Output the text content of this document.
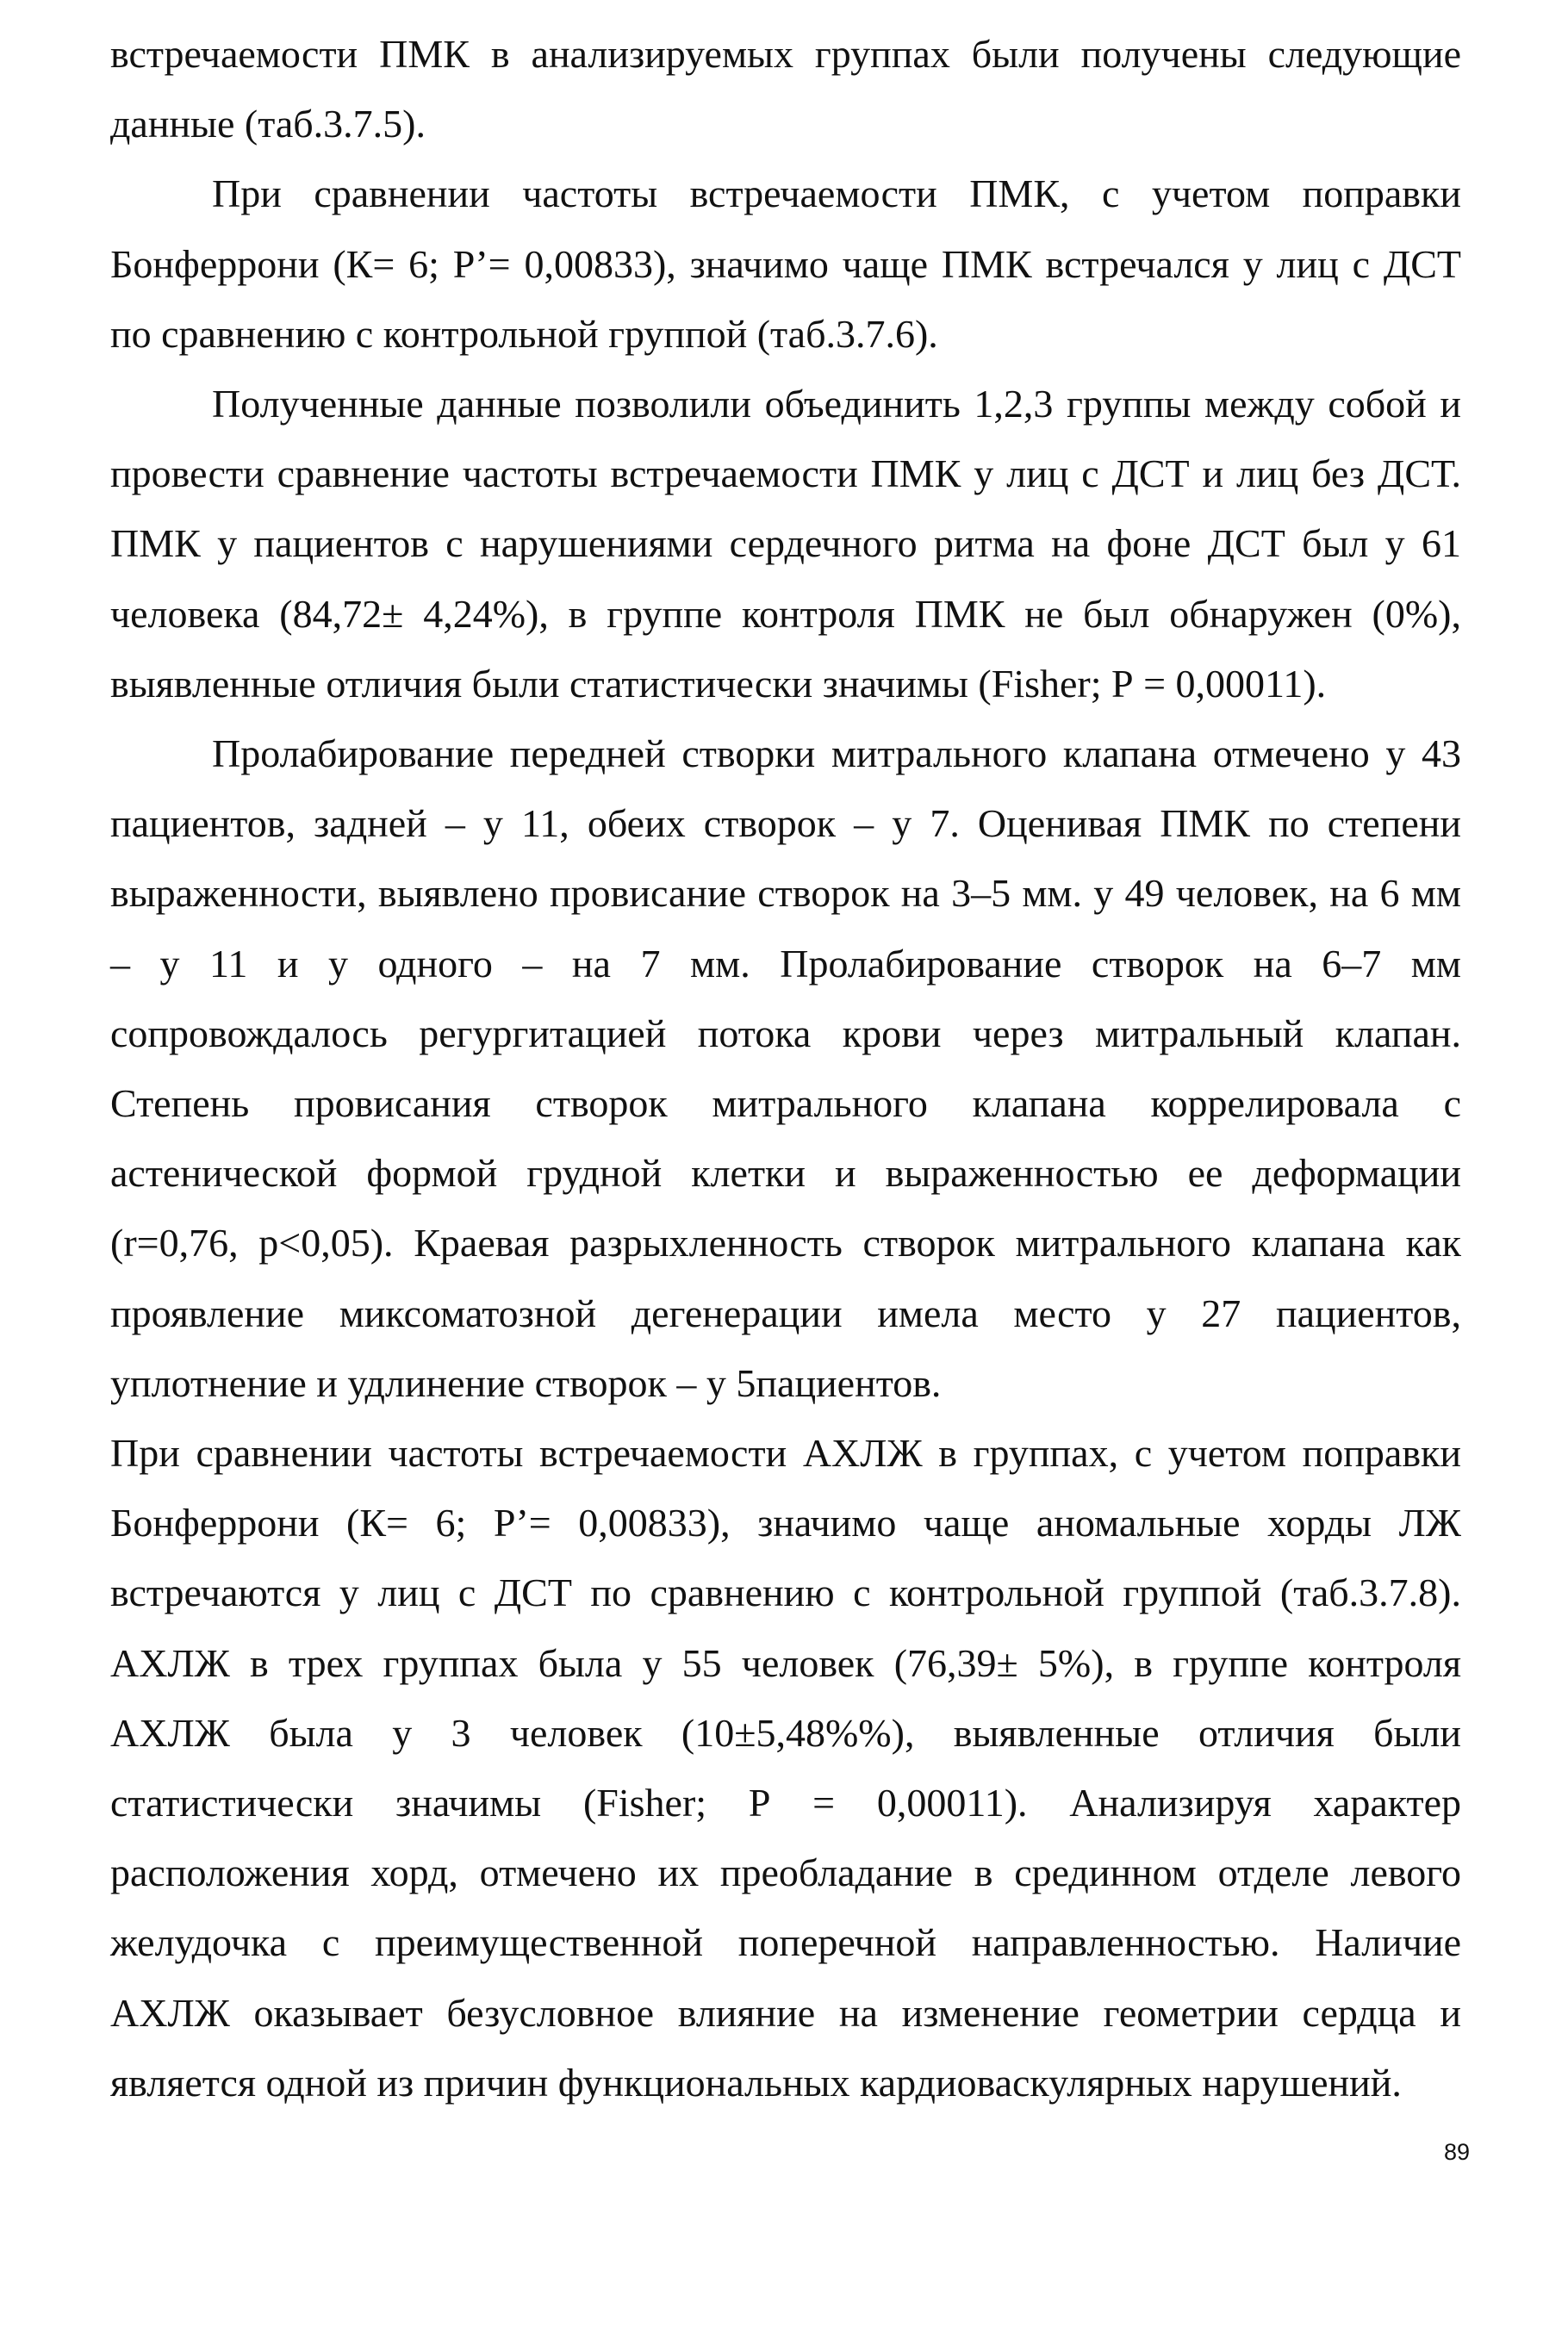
встречаемости ПМК в анализируемых группах были получены следующие данные (таб.3.7.5).

При сравнении частоты встречаемости ПМК, с учетом поправки Бонферрони (К= 6; Р’= 0,00833), значимо чаще ПМК встречался у лиц с ДСТ по сравнению с контрольной группой (таб.3.7.6).

Полученные данные позволили объединить 1,2,3 группы между собой и провести сравнение частоты встречаемости ПМК у лиц с ДСТ и лиц без ДСТ. ПМК у пациентов с нарушениями сердечного ритма на фоне ДСТ был у 61 человека (84,72± 4,24%), в группе контроля ПМК не был обнаружен (0%), выявленные отличия были статистически значимы (Fisher; Р = 0,00011).

Пролабирование передней створки митрального клапана отмечено у 43 пациентов, задней – у 11, обеих створок – у 7. Оценивая ПМК по степени выраженности, выявлено провисание створок на 3–5 мм. у 49 человек, на 6 мм – у 11 и у одного – на 7 мм. Пролабирование створок на 6–7 мм сопровождалось регургитацией потока крови через митральный клапан. Степень провисания створок митрального клапана коррелировала с астенической формой грудной клетки и выраженностью ее деформации (r=0,76, р<0,05). Краевая разрыхленность створок митрального клапана как проявление миксоматозной дегенерации имела место у 27 пациентов, уплотнение и удлинение створок – у 5пациентов.

При сравнении частоты встречаемости АХЛЖ в группах, с учетом поправки Бонферрони (К= 6; Р’= 0,00833), значимо чаще аномальные хорды ЛЖ встречаются у лиц с ДСТ по сравнению с контрольной группой (таб.3.7.8). АХЛЖ в трех группах была у 55 человек (76,39± 5%), в группе контроля АХЛЖ была у 3 человек (10±5,48%%), выявленные отличия были статистически значимы (Fisher; Р = 0,00011). Анализируя характер расположения хорд, отмечено их преобладание в срединном отделе левого желудочка с преимущественной поперечной направленностью. Наличие АХЛЖ оказывает безусловное влияние на изменение геометрии сердца и является одной из причин функциональных кардиоваскулярных нарушений.

89
